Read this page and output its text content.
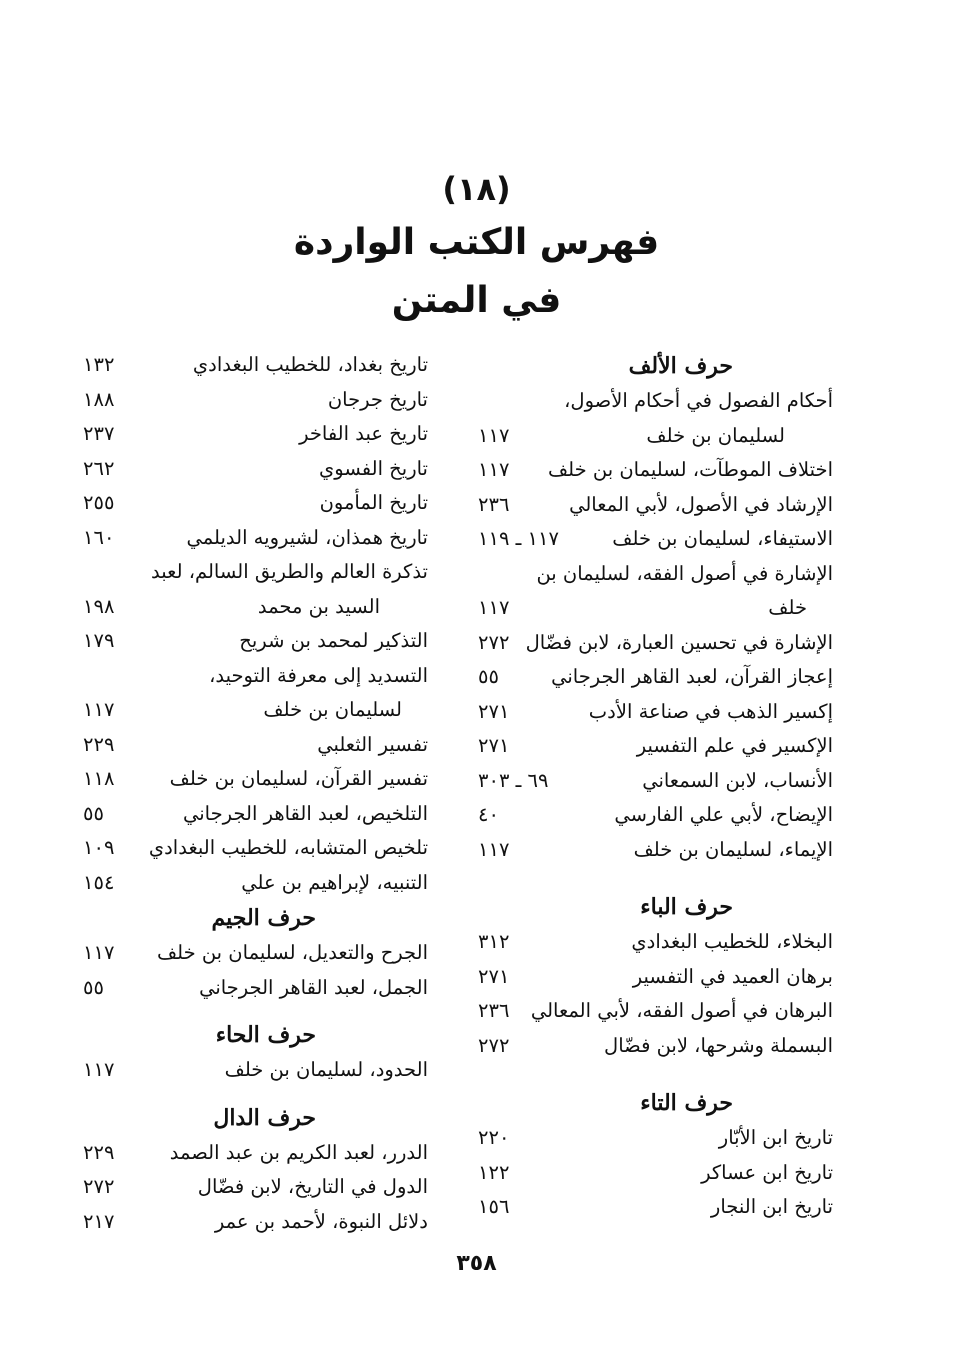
(١٨)
فهرس الكتب الواردة
في المتن
حرف الألف
أحكام الفصول في أحكام الأصول،
لسليمان بن خلف
١١٧
اختلاف الموطآت، لسليمان بن خلف
١١٧
الإرشاد في الأصول، لأبي المعالي
٢٣٦
الاستيفاء، لسليمان بن خلف
١١٧ ـ ١١٩
الإشارة في أصول الفقه، لسليمان بن
خلف
١١٧
الإشارة في تحسين العبارة، لابن فضّال
٢٧٢
إعجاز القرآن، لعبد القاهر الجرجاني
٥٥
إكسير الذهب في صناعة الأدب
٢٧١
الإكسير في علم التفسير
٢٧١
الأنساب، لابن السمعاني
٦٩ ـ ٣٠٣
الإيضاح، لأبي علي الفارسي
٤٠
الإيماء، لسليمان بن خلف
١١٧
حرف الباء
البخلاء، للخطيب البغدادي
٣١٢
برهان العميد في التفسير
٢٧١
البرهان في أصول الفقه، لأبي المعالي
٢٣٦
البسملة وشرحها، لابن فضّال
٢٧٢
حرف التاء
تاريخ ابن الأبّار
٢٢٠
تاريخ ابن عساكر
١٢٢
تاريخ ابن النجار
١٥٦
تاريخ بغداد، للخطيب البغدادي
١٣٢
تاريخ جرجان
١٨٨
تاريخ عبد الفاخر
٢٣٧
تاريخ الفسوي
٢٦٢
تاريخ المأمون
٢٥٥
تاريخ همذان، لشيرويه الديلمي
١٦٠
تذكرة العالم والطريق السالم، لعبد
السيد بن محمد
١٩٨
التذكير لمحمد بن شريح
١٧٩
التسديد إلى معرفة التوحيد،
لسليمان بن خلف
١١٧
تفسير الثعلبي
٢٢٩
تفسير القرآن، لسليمان بن خلف
١١٨
التلخيص، لعبد القاهر الجرجاني
٥٥
تلخيص المتشابه، للخطيب البغدادي
١٠٩
التنبيه، لإبراهيم بن علي
١٥٤
حرف الجيم
الجرح والتعديل، لسليمان بن خلف
١١٧
الجمل، لعبد القاهر الجرجاني
٥٥
حرف الحاء
الحدود، لسليمان بن خلف
١١٧
حرف الدال
الدرر، لعبد الكريم بن عبد الصمد
٢٢٩
الدول في التاريخ، لابن فضّال
٢٧٢
دلائل النبوة، لأحمد بن عمر
٢١٧
٣٥٨
